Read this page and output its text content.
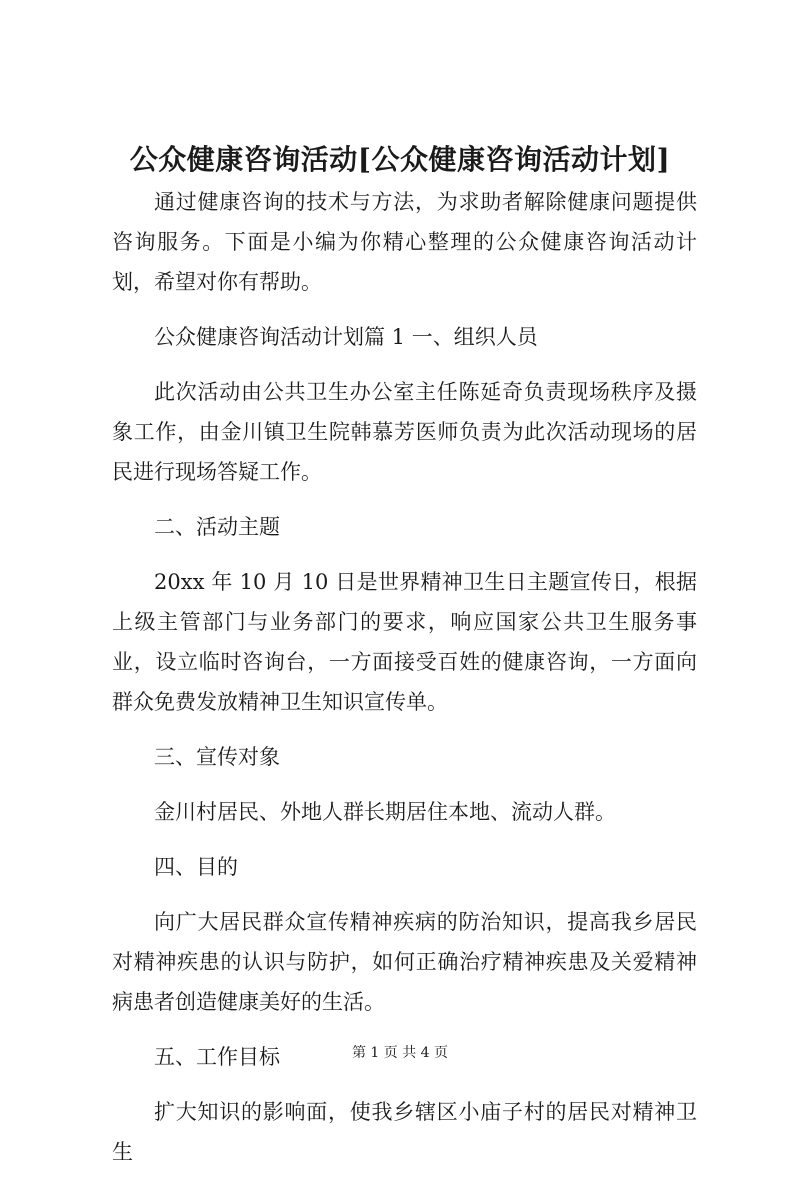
公众健康咨询活动[公众健康咨询活动计划]

通过健康咨询的技术与方法，为求助者解除健康问题提供咨询服务。下面是小编为你精心整理的公众健康咨询活动计划，希望对你有帮助。

公众健康咨询活动计划篇 1 一、组织人员

此次活动由公共卫生办公室主任陈延奇负责现场秩序及摄象工作，由金川镇卫生院韩慕芳医师负责为此次活动现场的居民进行现场答疑工作。

二、活动主题

20xx 年 10 月 10 日是世界精神卫生日主题宣传日，根据上级主管部门与业务部门的要求，响应国家公共卫生服务事业，设立临时咨询台，一方面接受百姓的健康咨询，一方面向群众免费发放精神卫生知识宣传单。

三、宣传对象

金川村居民、外地人群长期居住本地、流动人群。

四、目的

向广大居民群众宣传精神疾病的防治知识，提高我乡居民对精神疾患的认识与防护，如何正确治疗精神疾患及关爱精神病患者创造健康美好的生活。

五、工作目标

扩大知识的影响面，使我乡辖区小庙子村的居民对精神卫生

第 1 页 共 4 页
